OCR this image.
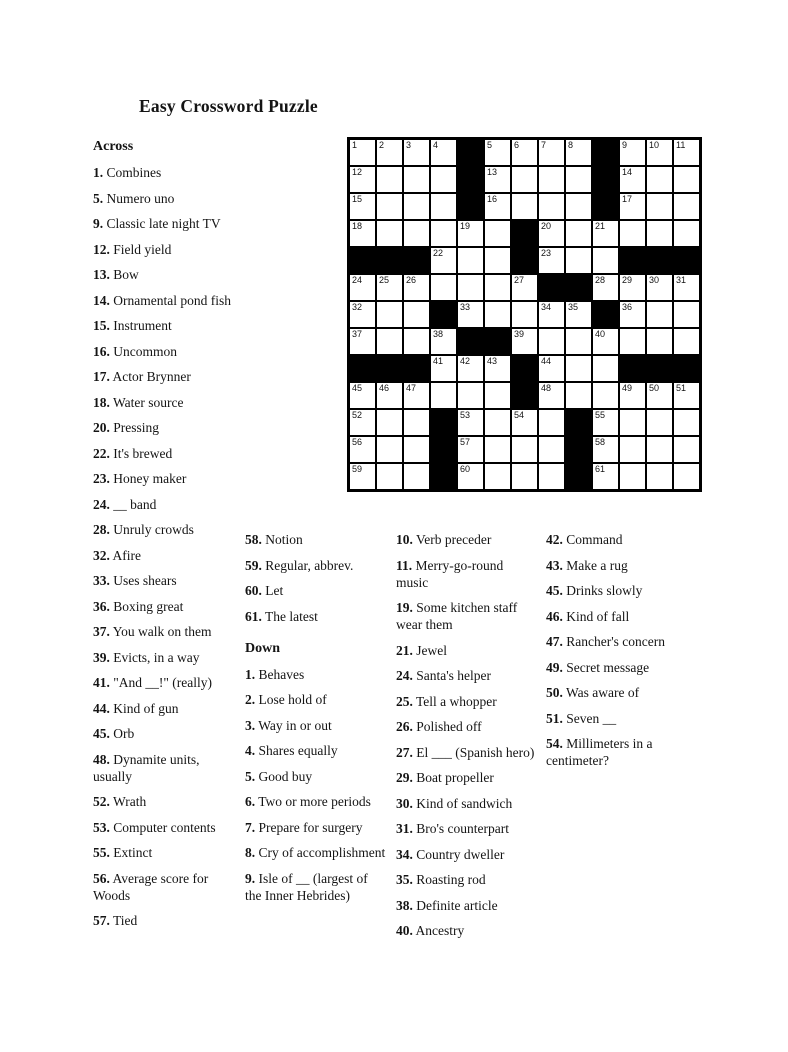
Easy Crossword Puzzle
1 2 3 4	5 6 7 8	9 10 11
12	13	14
15	16	17
18	19	20	21
22	23
24 25 26	27	28 29 30 31
32	33	34 35	36
37	38	39	40
41 42 43	44
45 46 47	48	49 50 51
52	53	54	55
56	57	58
59	60	61
Across

1. Combines

5. Numero uno

9. Classic late night TV

12. Field yield

13. Bow

14. Ornamental pond fish

15. Instrument

16. Uncommon

17. Actor Brynner

18. Water source

20. Pressing

22. It's brewed

23. Honey maker

24. __ band

28. Unruly crowds

32. Afire

33. Uses shears

36. Boxing great

37. You walk on them

39. Evicts, in a way

41. "And __!" (really)

44. Kind of gun

45. Orb

48. Dynamite units, usually

52. Wrath

53. Computer contents

55. Extinct

56. Average score for Woods

57. Tied

58. Notion

59. Regular, abbrev.

60. Let

61. The latest

Down

1. Behaves

2. Lose hold of

3. Way in or out

4. Shares equally

5. Good buy

6. Two or more periods

7. Prepare for surgery

8. Cry of accomplishment

9. Isle of __ (largest of the Inner Hebrides)

10. Verb preceder

11. Merry-go-round music

19. Some kitchen staff wear them

21. Jewel

24. Santa's helper

25. Tell a whopper

26. Polished off

27. El ___ (Spanish hero)

29. Boat propeller

30. Kind of sandwich

31. Bro's counterpart

34. Country dweller

35. Roasting rod

38. Definite article

40. Ancestry

42. Command

43. Make a rug

45. Drinks slowly

46. Kind of fall

47. Rancher's concern

49. Secret message

50. Was aware of

51. Seven __

54. Millimeters in a centimeter?
